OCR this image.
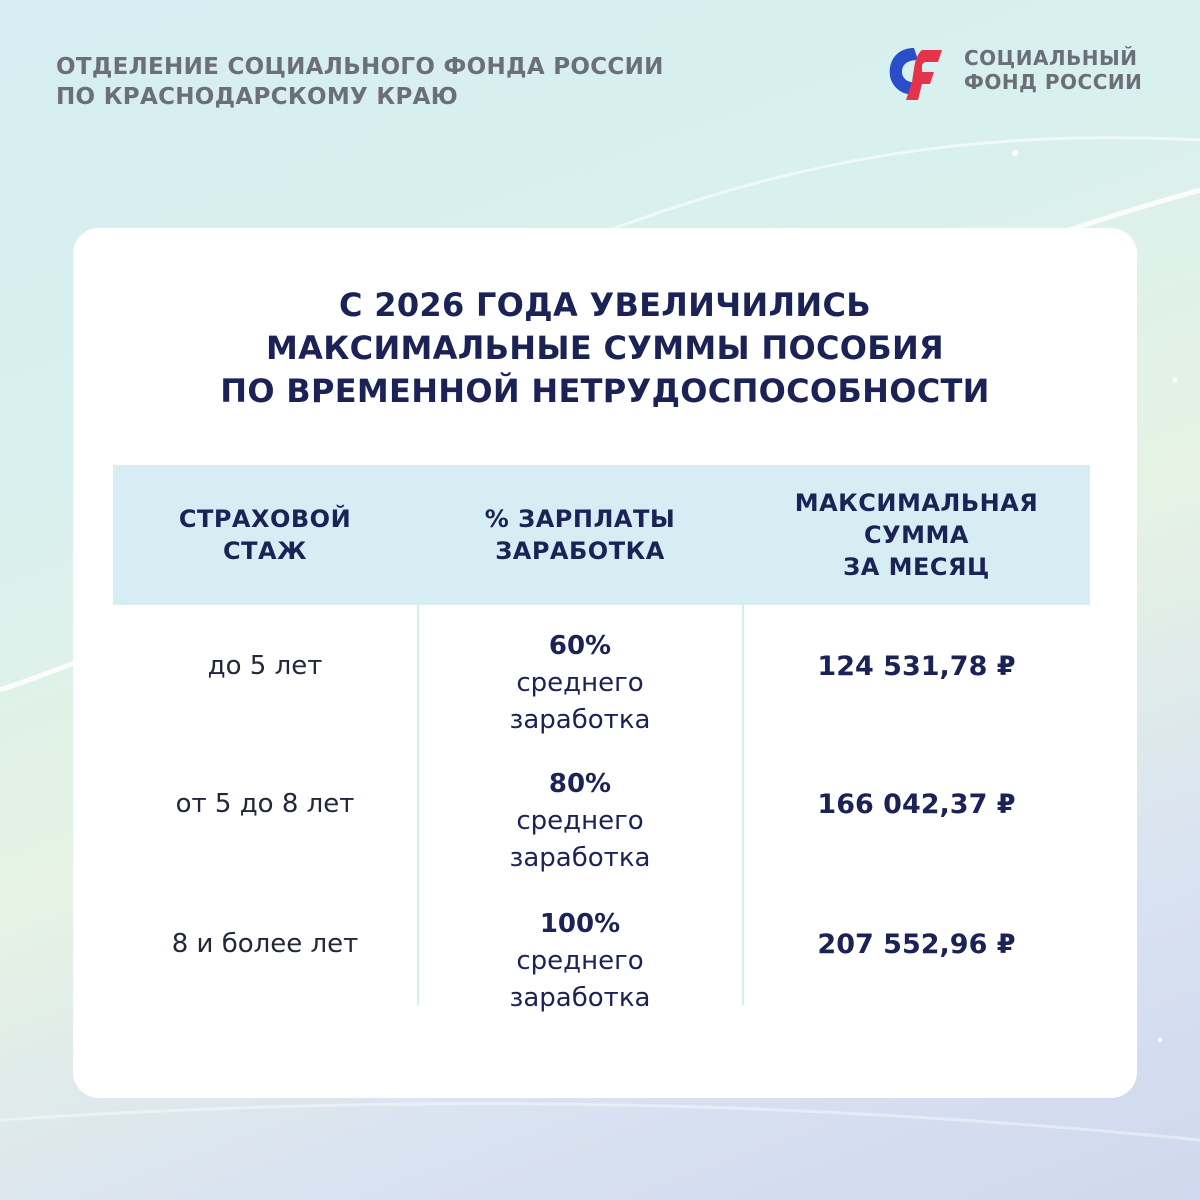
ОТДЕЛЕНИЕ СОЦИАЛЬНОГО ФОНДА РОССИИ
ПО КРАСНОДАРСКОМУ КРАЮ
СОЦИАЛЬНЫЙ
ФОНД РОССИИ
С 2026 ГОДА УВЕЛИЧИЛИСЬ
МАКСИМАЛЬНЫЕ СУММЫ ПОСОБИЯ
ПО ВРЕМЕННОЙ НЕТРУДОСПОСОБНОСТИ
СТРАХОВОЙ
СТАЖ
% ЗАРПЛАТЫ
ЗАРАБОТКА
МАКСИМАЛЬНАЯ
СУММА
ЗА МЕСЯЦ
до 5 лет
60%
среднего
заработка
124 531,78 ₽
от 5 до 8 лет
80%
среднего
заработка
166 042,37 ₽
8 и более лет
100%
среднего
заработка
207 552,96 ₽
